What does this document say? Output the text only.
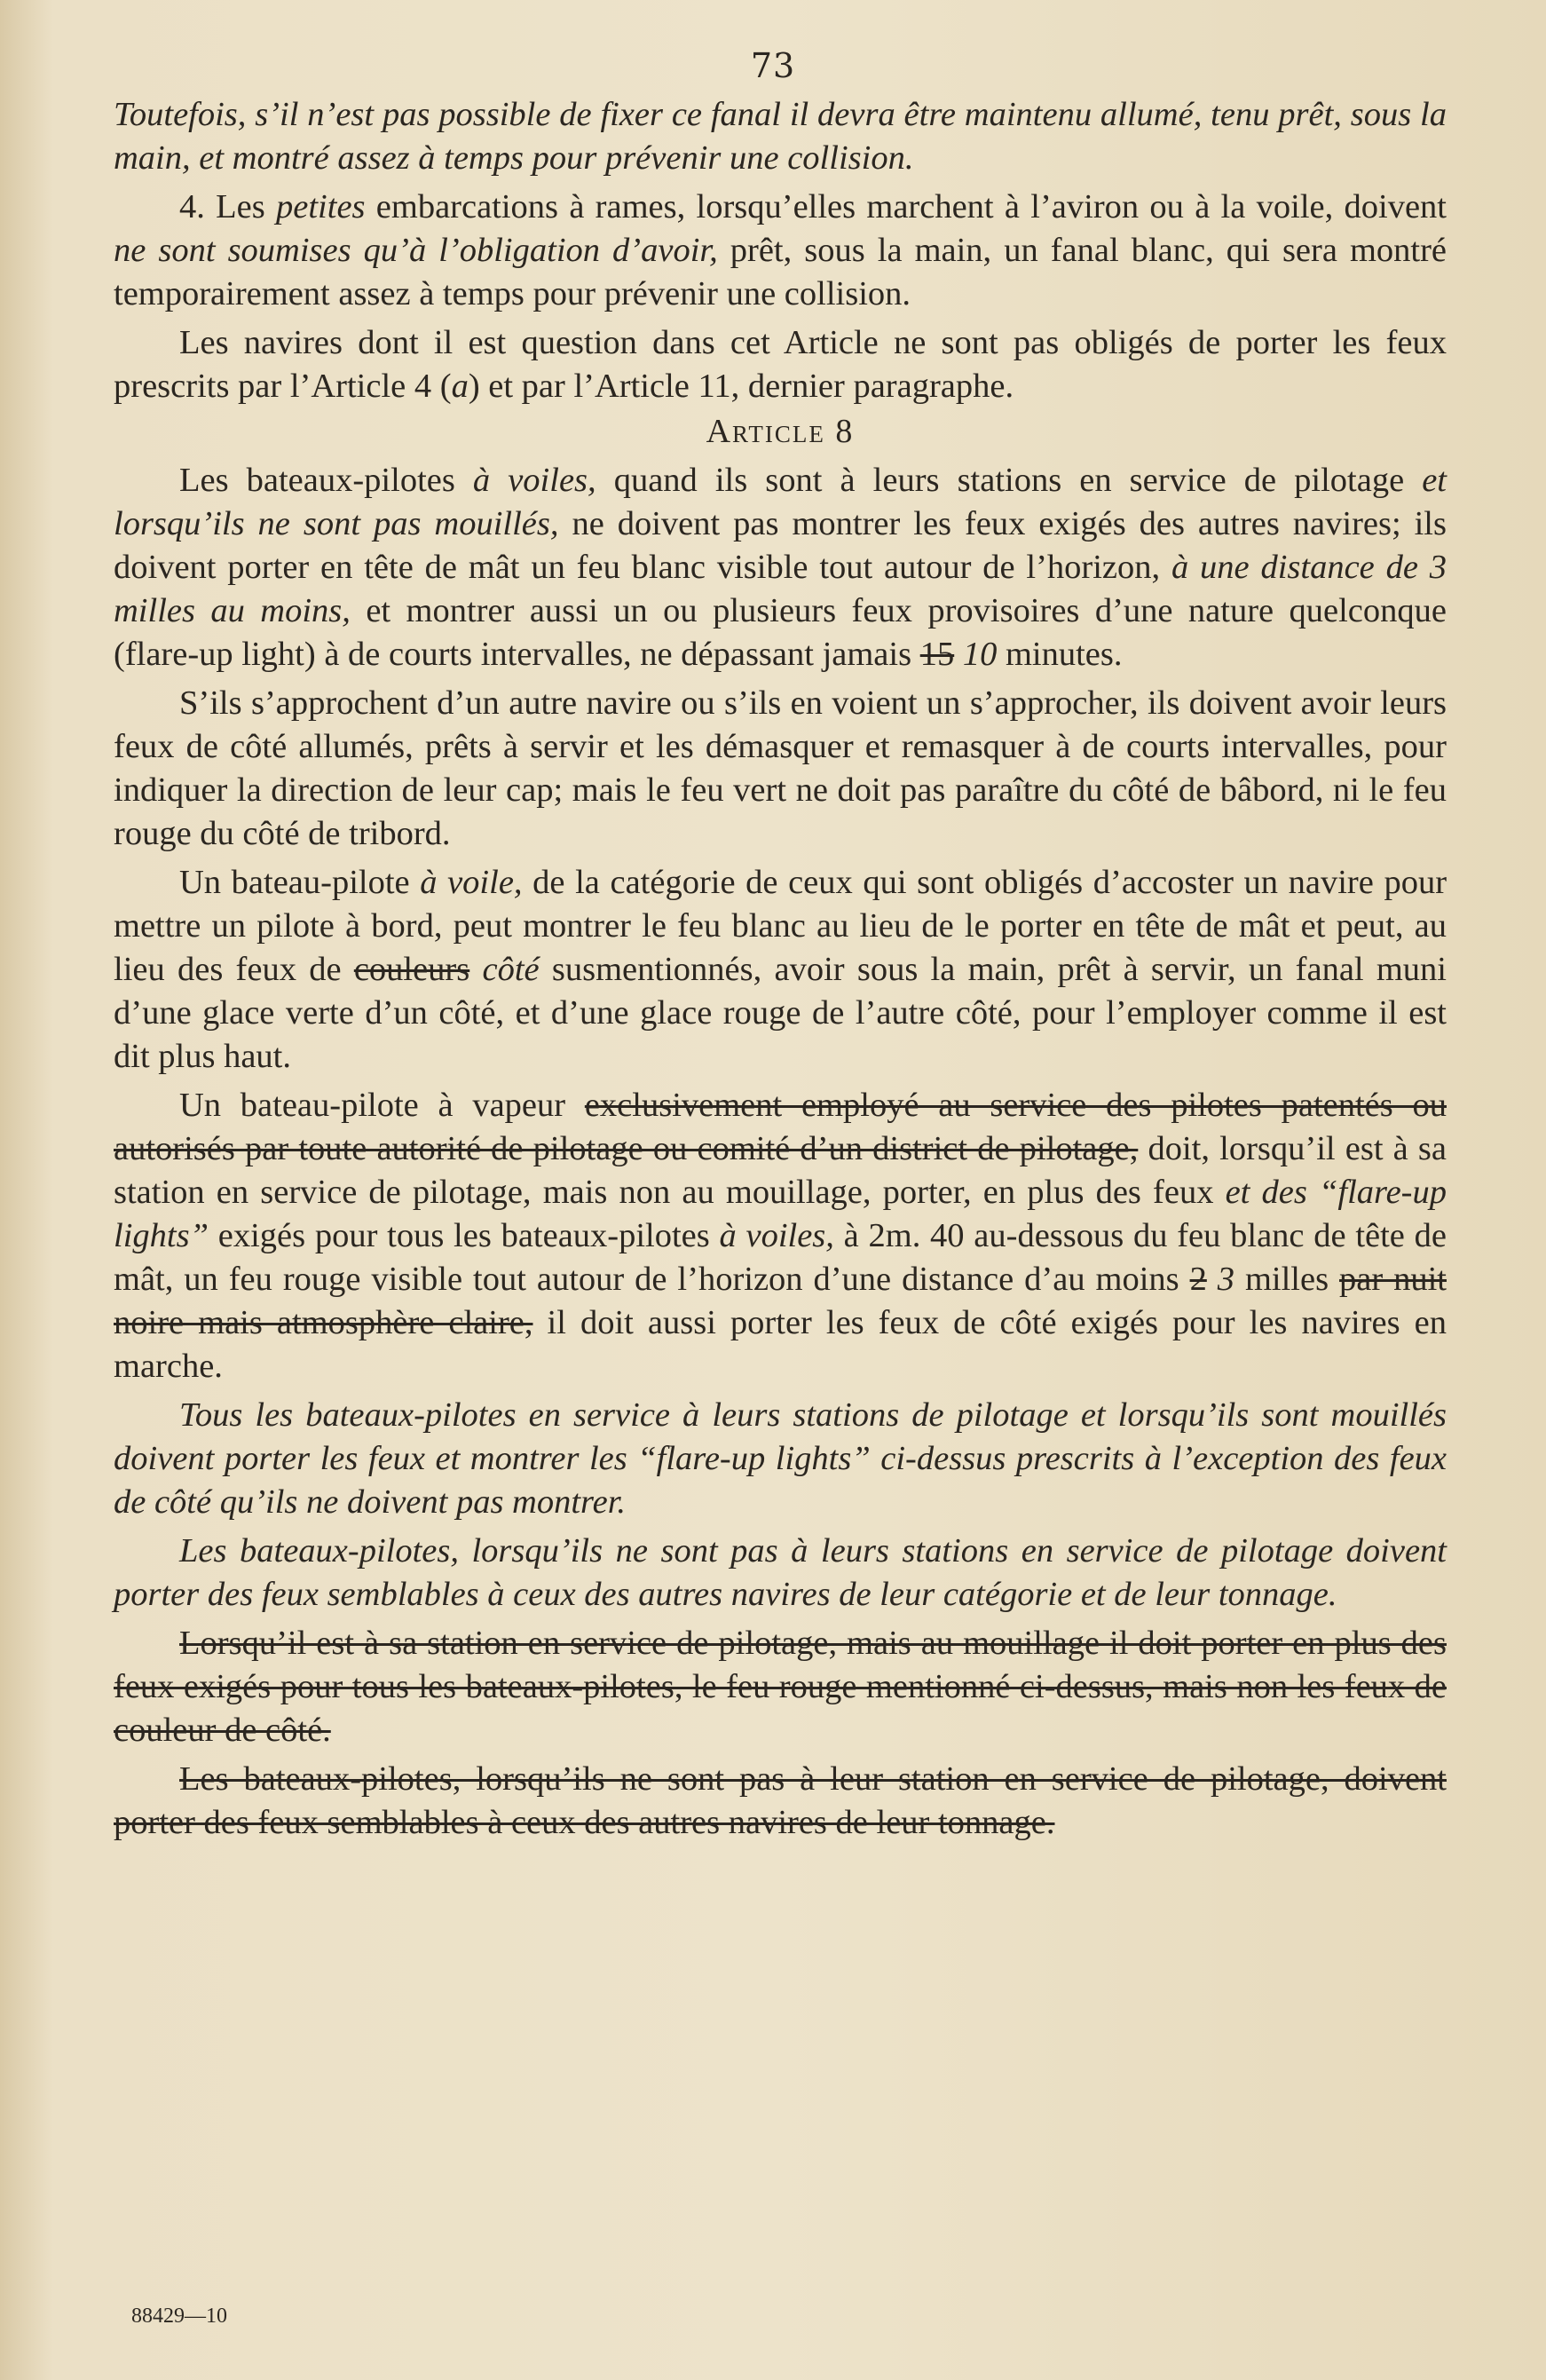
73

Toutefois, s’il n’est pas possible de fixer ce fanal il devra être maintenu allumé, tenu prêt, sous la main, et montré assez à temps pour prévenir une collision.

4. Les petites embarcations à rames, lorsqu’elles marchent à l’aviron ou à la voile, doivent ne sont soumises qu’à l’obligation d’avoir, prêt, sous la main, un fanal blanc, qui sera montré temporairement assez à temps pour prévenir une collision.

Les navires dont il est question dans cet Article ne sont pas obligés de porter les feux prescrits par l’Article 4 (a) et par l’Article 11, dernier paragraphe.

Article 8

Les bateaux-pilotes à voiles, quand ils sont à leurs stations en service de pilotage et lorsqu’ils ne sont pas mouillés, ne doivent pas montrer les feux exigés des autres navires; ils doivent porter en tête de mât un feu blanc visible tout autour de l’horizon, à une distance de 3 milles au moins, et montrer aussi un ou plusieurs feux provisoires d’une nature quelconque (flare-up light) à de courts intervalles, ne dépassant jamais 15 10 minutes.

S’ils s’approchent d’un autre navire ou s’ils en voient un s’approcher, ils doivent avoir leurs feux de côté allumés, prêts à servir et les démasquer et remasquer à de courts intervalles, pour indiquer la direction de leur cap; mais le feu vert ne doit pas paraître du côté de bâbord, ni le feu rouge du côté de tribord.

Un bateau-pilote à voile, de la catégorie de ceux qui sont obligés d’accoster un navire pour mettre un pilote à bord, peut montrer le feu blanc au lieu de le porter en tête de mât et peut, au lieu des feux de couleurs côté susmentionnés, avoir sous la main, prêt à servir, un fanal muni d’une glace verte d’un côté, et d’une glace rouge de l’autre côté, pour l’employer comme il est dit plus haut.

Un bateau-pilote à vapeur exclusivement employé au service des pilotes patentés ou autorisés par toute autorité de pilotage ou comité d’un district de pilotage, doit, lorsqu’il est à sa station en service de pilotage, mais non au mouillage, porter, en plus des feux et des “flare-up lights” exigés pour tous les bateaux-pilotes à voiles, à 2m. 40 au-dessous du feu blanc de tête de mât, un feu rouge visible tout autour de l’horizon d’une distance d’au moins 2 3 milles par nuit noire mais atmosphère claire, il doit aussi porter les feux de côté exigés pour les navires en marche.

Tous les bateaux-pilotes en service à leurs stations de pilotage et lorsqu’ils sont mouillés doivent porter les feux et montrer les “flare-up lights” ci-dessus prescrits à l’exception des feux de côté qu’ils ne doivent pas montrer.

Les bateaux-pilotes, lorsqu’ils ne sont pas à leurs stations en service de pilotage doivent porter des feux semblables à ceux des autres navires de leur catégorie et de leur tonnage.

Lorsqu’il est à sa station en service de pilotage, mais au mouillage il doit porter en plus des feux exigés pour tous les bateaux-pilotes, le feu rouge mentionné ci-dessus, mais non les feux de couleur de côté.

Les bateaux-pilotes, lorsqu’ils ne sont pas à leur station en service de pilotage, doivent porter des feux semblables à ceux des autres navires de leur tonnage.

88429—10
